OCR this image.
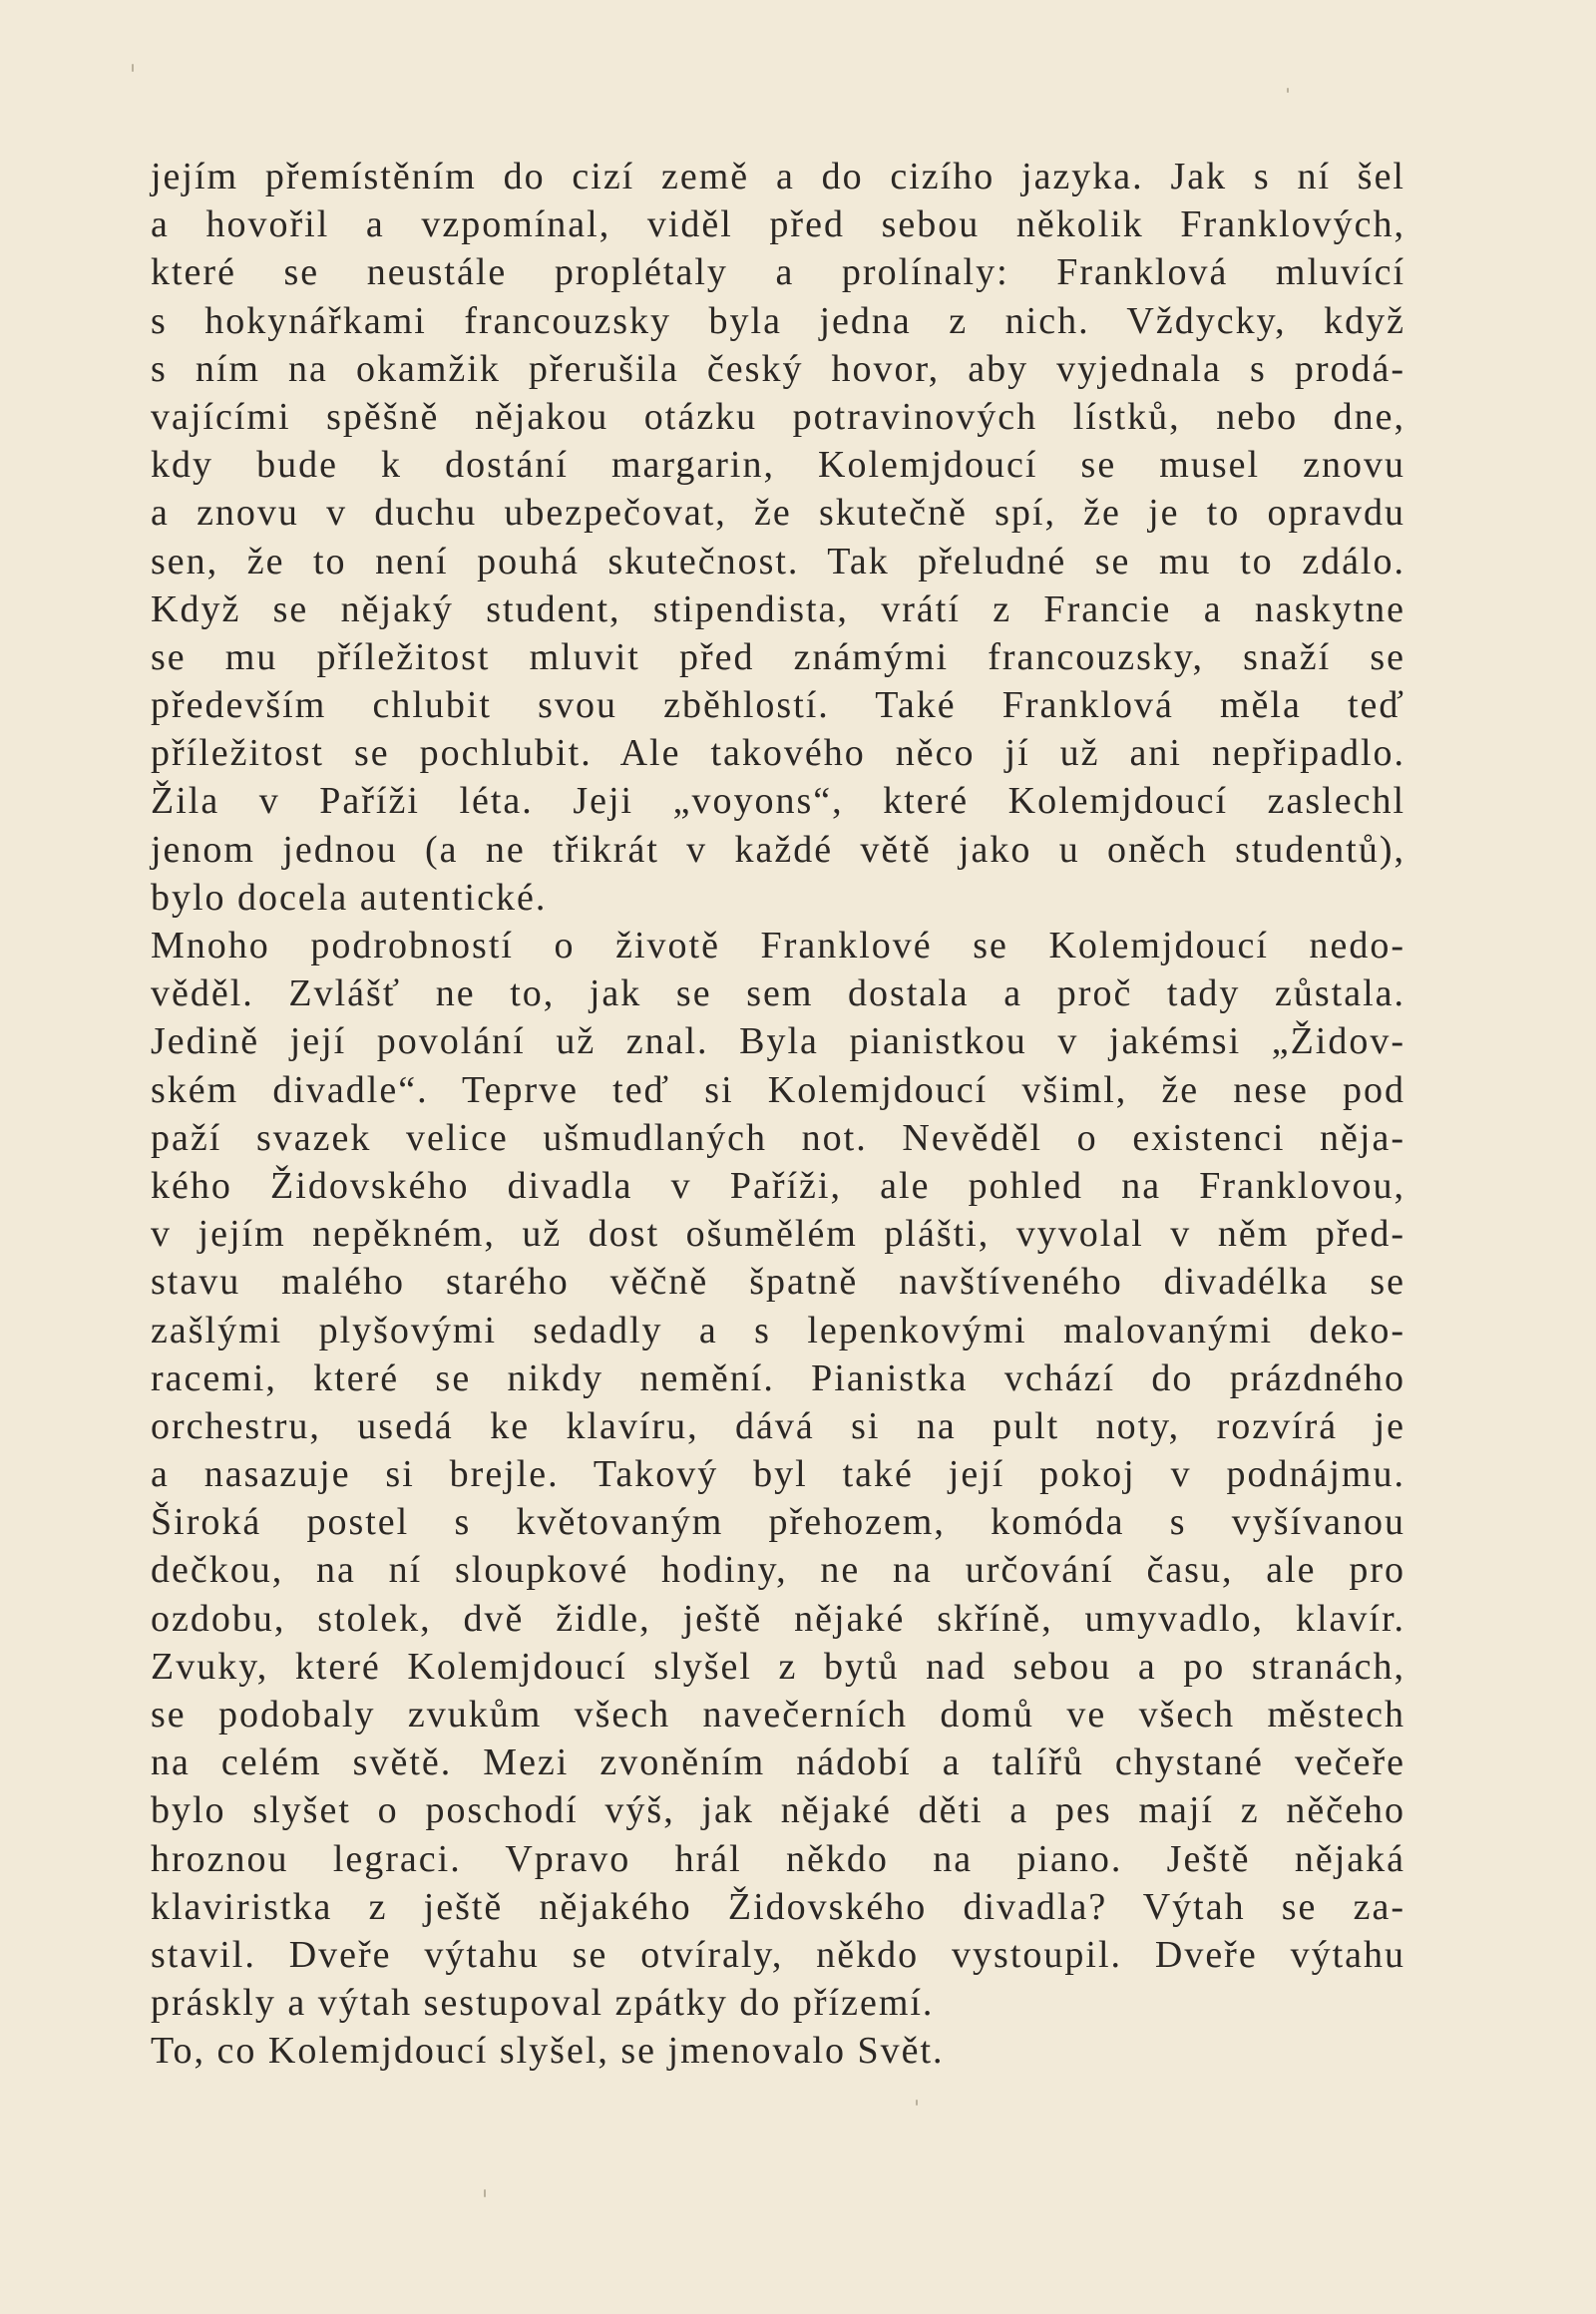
jejím přemístěním do cizí země a do cizího jazyka. Jak s ní šel
a hovořil a vzpomínal, viděl před sebou několik Franklových,
které se neustále proplétaly a prolínaly: Franklová mluvící
s hokynářkami francouzsky byla jedna z nich. Vždycky, když
s ním na okamžik přerušila český hovor, aby vyjednala s prodá-
vajícími spěšně nějakou otázku potravinových lístků, nebo dne,
kdy bude k dostání margarin, Kolemjdoucí se musel znovu
a znovu v duchu ubezpečovat, že skutečně spí, že je to opravdu
sen, že to není pouhá skutečnost. Tak přeludné se mu to zdálo.
Když se nějaký student, stipendista, vrátí z Francie a naskytne
se mu příležitost mluvit před známými francouzsky, snaží se
především chlubit svou zběhlostí. Také Franklová měla teď
příležitost se pochlubit. Ale takového něco jí už ani nepřipadlo.
Žila v Paříži léta. Jeji „voyons“, které Kolemjdoucí zaslechl
jenom jednou (a ne třikrát v každé větě jako u oněch studentů),
bylo docela autentické.
Mnoho podrobností o životě Franklové se Kolemjdoucí nedo-
věděl. Zvlášť ne to, jak se sem dostala a proč tady zůstala.
Jedině její povolání už znal. Byla pianistkou v jakémsi „Židov-
ském divadle“. Teprve teď si Kolemjdoucí všiml, že nese pod
paží svazek velice ušmudlaných not. Nevěděl o existenci něja-
kého Židovského divadla v Paříži, ale pohled na Franklovou,
v jejím nepěkném, už dost ošumělém plášti, vyvolal v něm před-
stavu malého starého věčně špatně navštíveného divadélka se
zašlými plyšovými sedadly a s lepenkovými malovanými deko-
racemi, které se nikdy nemění. Pianistka vchází do prázdného
orchestru, usedá ke klavíru, dává si na pult noty, rozvírá je
a nasazuje si brejle. Takový byl také její pokoj v podnájmu.
Široká postel s květovaným přehozem, komóda s vyšívanou
dečkou, na ní sloupkové hodiny, ne na určování času, ale pro
ozdobu, stolek, dvě židle, ještě nějaké skříně, umyvadlo, klavír.
Zvuky, které Kolemjdoucí slyšel z bytů nad sebou a po stranách,
se podobaly zvukům všech navečerních domů ve všech městech
na celém světě. Mezi zvoněním nádobí a talířů chystané večeře
bylo slyšet o poschodí výš, jak nějaké děti a pes mají z něčeho
hroznou legraci. Vpravo hrál někdo na piano. Ještě nějaká
klaviristka z ještě nějakého Židovského divadla? Výtah se za-
stavil. Dveře výtahu se otvíraly, někdo vystoupil. Dveře výtahu
práskly a výtah sestupoval zpátky do přízemí.
To, co Kolemjdoucí slyšel, se jmenovalo Svět.
